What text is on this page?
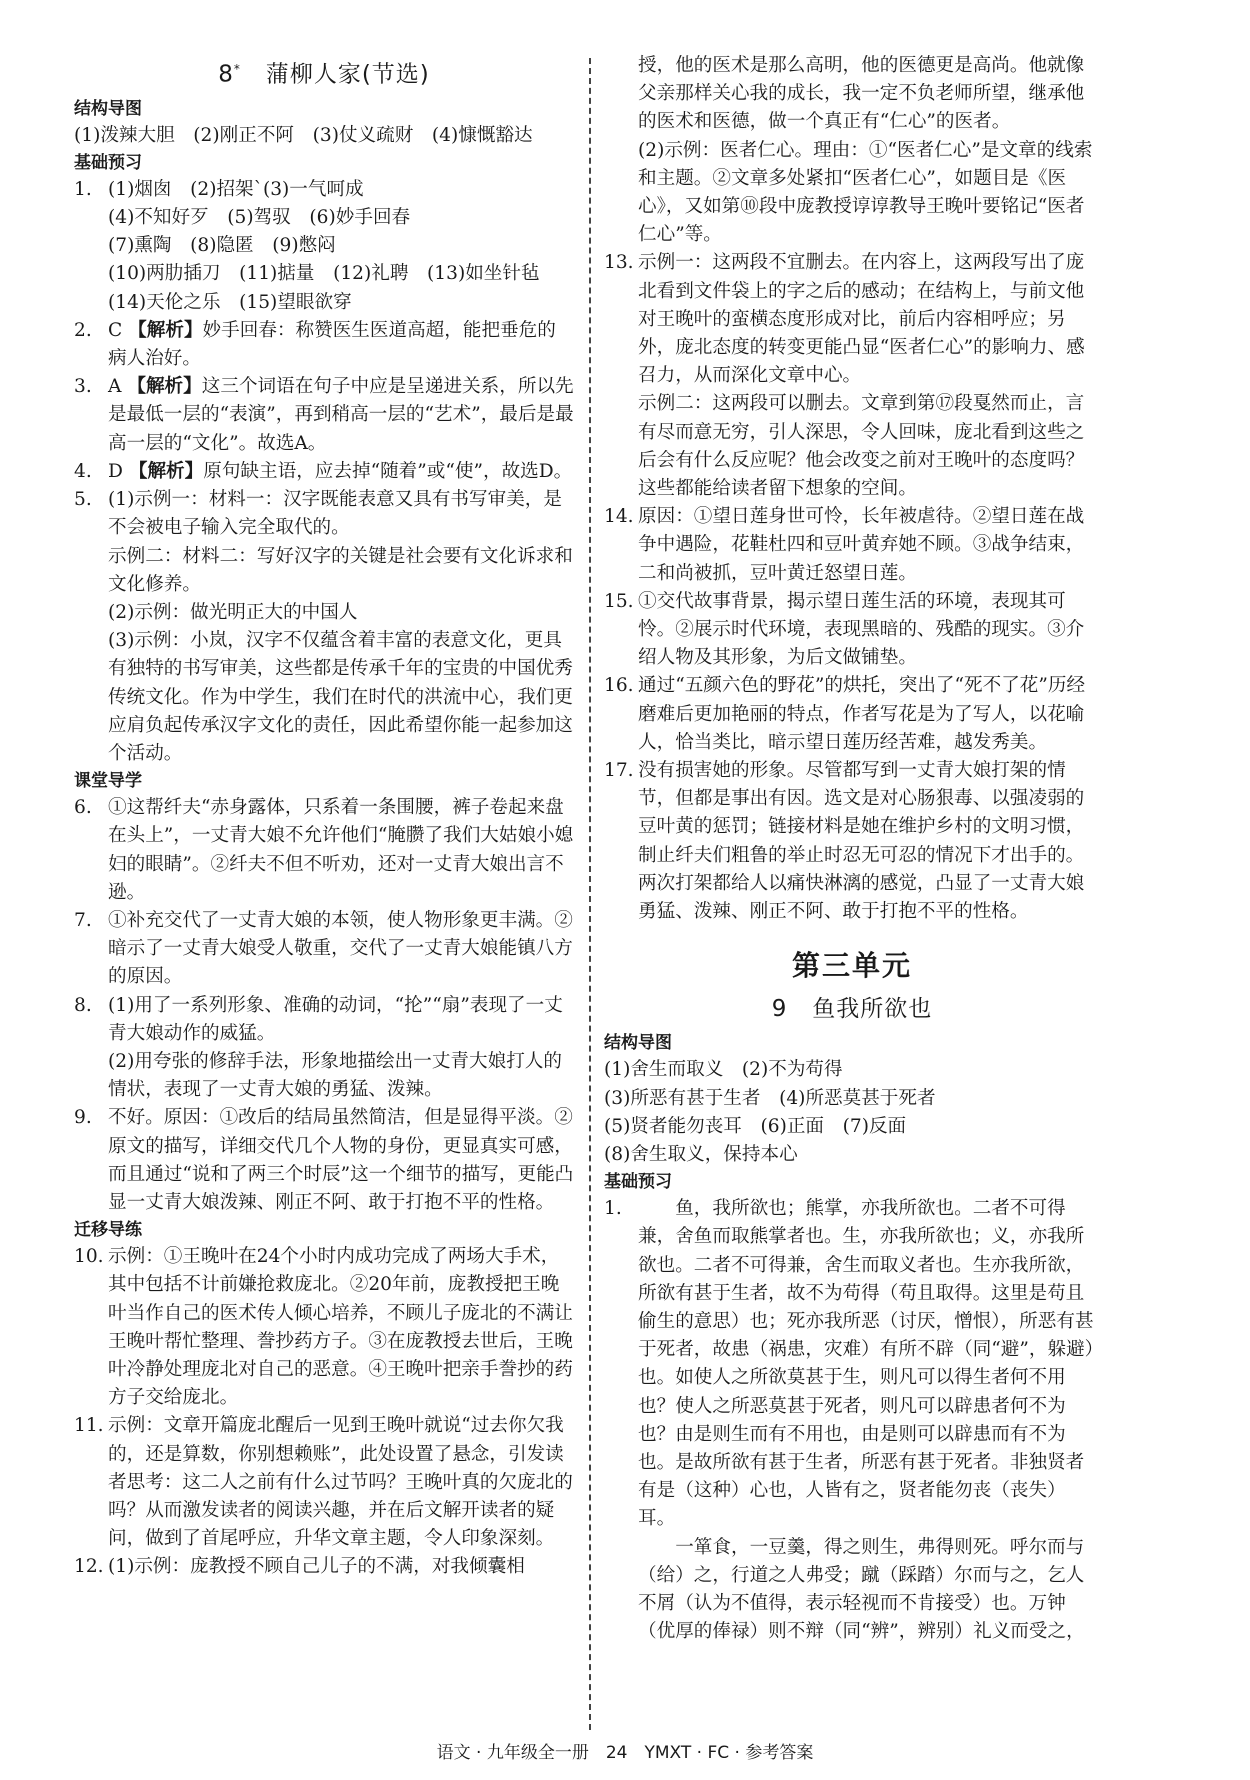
8* 蒲柳人家(节选)
结构导图

(1)泼辣大胆　(2)刚正不阿　(3)仗义疏财　(4)慷慨豁达

基础预习
1. (1)烟囱　(2)招架`(3)一气呵成
(4)不知好歹　(5)驾驭　(6)妙手回春
(7)熏陶　(8)隐匿　(9)憋闷
(10)两肋插刀　(11)掂量　(12)礼聘　(13)如坐针毡　(14)天伦之乐　(15)望眼欲穿
2. C 【解析】妙手回春：称赞医生医道高超，能把垂危的病人治好。
3. A 【解析】这三个词语在句子中应是呈递进关系，所以先是最低一层的“表演”，再到稍高一层的“艺术”，最后是最高一层的“文化”。故选A。
4. D 【解析】原句缺主语，应去掉“随着”或“使”，故选D。
5. (1)示例一：材料一：汉字既能表意又具有书写审美，是不会被电子输入完全取代的。
示例二：材料二：写好汉字的关键是社会要有文化诉求和文化修养。
(2)示例：做光明正大的中国人
(3)示例：小岚，汉字不仅蕴含着丰富的表意文化，更具有独特的书写审美，这些都是传承千年的宝贵的中国优秀传统文化。作为中学生，我们在时代的洪流中心，我们更应肩负起传承汉字文化的责任，因此希望你能一起参加这个活动。
课堂导学
6. ①这帮纤夫“赤身露体，只系着一条围腰，裤子卷起来盘在头上”，一丈青大娘不允许他们“腌臜了我们大姑娘小媳妇的眼睛”。②纤夫不但不听劝，还对一丈青大娘出言不逊。
7. ①补充交代了一丈青大娘的本领，使人物形象更丰满。②暗示了一丈青大娘受人敬重，交代了一丈青大娘能镇八方的原因。
8. (1)用了一系列形象、准确的动词，“抡”“扇”表现了一丈青大娘动作的威猛。
(2)用夸张的修辞手法，形象地描绘出一丈青大娘打人的情状，表现了一丈青大娘的勇猛、泼辣。
9. 不好。原因：①改后的结局虽然简洁，但是显得平淡。②原文的描写，详细交代几个人物的身份，更显真实可感，而且通过“说和了两三个时辰”这一个细节的描写，更能凸显一丈青大娘泼辣、刚正不阿、敢于打抱不平的性格。
迁移导练
10. 示例：①王晚叶在24个小时内成功完成了两场大手术，其中包括不计前嫌抢救庞北。②20年前，庞教授把王晚叶当作自己的医术传人倾心培养，不顾儿子庞北的不满让王晚叶帮忙整理、誊抄药方子。③在庞教授去世后，王晚叶冷静处理庞北对自己的恶意。④王晚叶把亲手誊抄的药方子交给庞北。
11. 示例：文章开篇庞北醒后一见到王晚叶就说“过去你欠我的，还是算数，你别想赖账”，此处设置了悬念，引发读者思考：这二人之前有什么过节吗？王晚叶真的欠庞北的吗？从而激发读者的阅读兴趣，并在后文解开读者的疑问，做到了首尾呼应，升华文章主题，令人印象深刻。
12. (1)示例：庞教授不顾自己儿子的不满，对我倾囊相
授，他的医术是那么高明，他的医德更是高尚。他就像父亲那样关心我的成长，我一定不负老师所望，继承他的医术和医德，做一个真正有“仁心”的医者。
(2)示例：医者仁心。理由：①“医者仁心”是文章的线索和主题。②文章多处紧扣“医者仁心”，如题目是《医心》，又如第⑩段中庞教授谆谆教导王晚叶要铭记“医者仁心”等。
13. 示例一：这两段不宜删去。在内容上，这两段写出了庞北看到文件袋上的字之后的感动；在结构上，与前文他对王晚叶的蛮横态度形成对比，前后内容相呼应；另外，庞北态度的转变更能凸显“医者仁心”的影响力、感召力，从而深化文章中心。
示例二：这两段可以删去。文章到第⑰段戛然而止，言有尽而意无穷，引人深思，令人回味，庞北看到这些之后会有什么反应呢？他会改变之前对王晚叶的态度吗？这些都能给读者留下想象的空间。
14. 原因：①望日莲身世可怜，长年被虐待。②望日莲在战争中遇险，花鞋杜四和豆叶黄弃她不顾。③战争结束，二和尚被抓，豆叶黄迁怒望日莲。
15. ①交代故事背景，揭示望日莲生活的环境，表现其可怜。②展示时代环境，表现黑暗的、残酷的现实。③介绍人物及其形象，为后文做铺垫。
16. 通过“五颜六色的野花”的烘托，突出了“死不了花”历经磨难后更加艳丽的特点，作者写花是为了写人，以花喻人，恰当类比，暗示望日莲历经苦难，越发秀美。
17. 没有损害她的形象。尽管都写到一丈青大娘打架的情节，但都是事出有因。选文是对心肠狠毒、以强凌弱的豆叶黄的惩罚；链接材料是她在维护乡村的文明习惯，制止纤夫们粗鲁的举止时忍无可忍的情况下才出手的。两次打架都给人以痛快淋漓的感觉，凸显了一丈青大娘勇猛、泼辣、刚正不阿、敢于打抱不平的性格。
第三单元
9 鱼我所欲也
结构导图
(1)舍生而取义　(2)不为苟得
(3)所恶有甚于生者　(4)所恶莫甚于死者
(5)贤者能勿丧耳　(6)正面　(7)反面
(8)舍生取义，保持本心
基础预习
1.	鱼，我所欲也；熊掌，亦我所欲也。二者不可得兼，舍鱼而取熊掌者也。生，亦我所欲也；义，亦我所欲也。二者不可得兼，舍生而取义者也。生亦我所欲，所欲有甚于生者，故不为苟得（苟且取得。这里是苟且偷生的意思）也；死亦我所恶（讨厌，憎恨），所恶有甚于死者，故患（祸患，灾难）有所不辟（同“避”，躲避）也。如使人之所欲莫甚于生，则凡可以得生者何不用也？使人之所恶莫甚于死者，则凡可以辟患者何不为也？由是则生而有不用也，由是则可以辟患而有不为也。是故所欲有甚于生者，所恶有甚于死者。非独贤者有是（这种）心也，人皆有之，贤者能勿丧（丧失）耳。
一箪食，一豆羹，得之则生，弗得则死。呼尔而与（给）之，行道之人弗受；蹴（踩踏）尔而与之，乞人不屑（认为不值得，表示轻视而不肯接受）也。万钟（优厚的俸禄）则不辩（同“辨”，辨别）礼义而受之，
语文 · 九年级全一册　24　YMXT · FC · 参考答案
